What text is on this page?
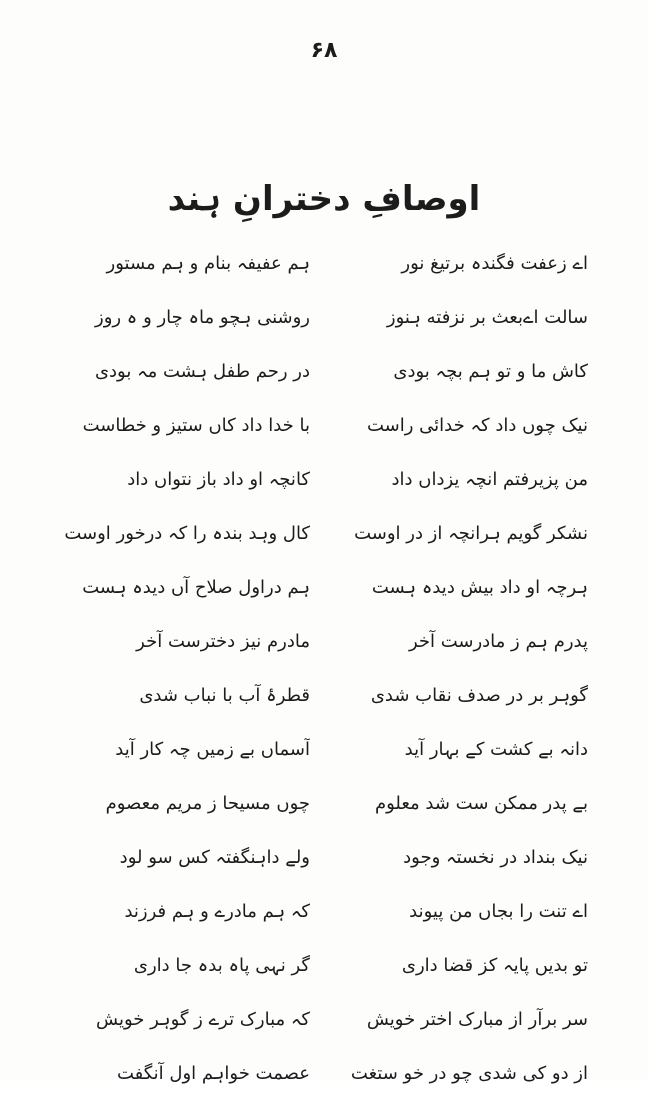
۶۸
اوصافِ دخترانِ ہند
اے زعفت فگندہ برتیغ نور
ہم عفیفہ بنام و ہم مستور
سالت اےبعث بر نزفته ہنوز
روشنی ہچو ماہ چار و ہ روز
کاش ما و تو ہم بچہ بودی
در رحم طفل ہشت مہ بودی
نیک چوں داد کہ خدائی راست
با خدا داد کاں ستیز و خطاست
من پزیرفتم انچہ یزداں داد
کانچہ او داد باز نتواں داد
نشکر گویم ہرانچہ از در اوست
کال وہد بندہ را کہ درخور اوست
ہرچہ او داد بیش دیدہ ہست
ہم دراول صلاح آں دیدہ ہست
پدرم ہم ز مادرست آخر
مادرم نیز دخترست آخر
گوہر بر در صدف نقاب شدی
قطرۂ آب با نباب شدی
دانہ بے کشت کے بہار آید
آسماں بے زمیں چہ کار آید
بے پدر ممکن ست شد معلوم
چوں مسیحا ز مریم معصوم
نیک بنداد در نخستہ وجود
ولے داہنگفتہ کس سو لود
اے تنت را بجاں من پیوند
کہ ہم مادرے و ہم فرزند
تو بدیں پایہ کز قضا داری
گر نہی پاہ بدہ جا داری
سر برآر از مبارک اختر خویش
کہ مبارک ترے ز گوہر خویش
از دو کی شدی چو در خو ستغت
عصمت خواہم اول آنگفت
